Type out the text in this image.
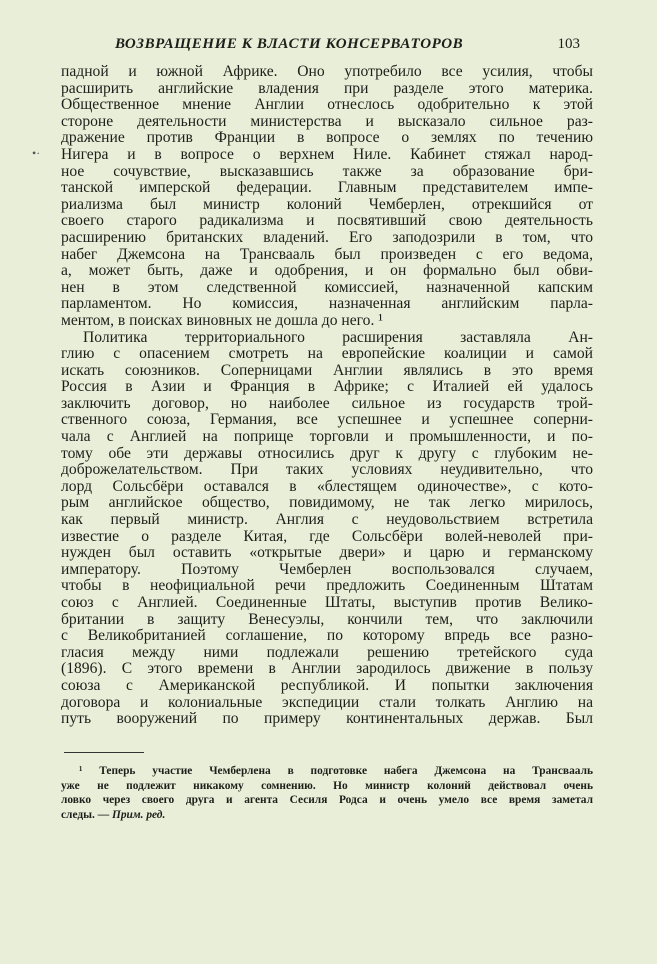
ВОЗВРАЩЕНИЕ К ВЛАСТИ КОНСЕРВАТОРОВ	103
•·
падной и южной Африке. Оно употребило все усилия, чтобы
расширить английские владения при разделе этого материка.
Общественное мнение Англии отнеслось одобрительно к этой
стороне деятельности министерства и высказало сильное раз-
дражение против Франции в вопросе о землях по течению
Нигера и в вопросе о верхнем Ниле. Кабинет стяжал народ-
ное сочувствие, высказавшись также за образование бри-
танской имперской федерации. Главным представителем импе-
риализма был министр колоний Чемберлен, отрекшийся от
своего старого радикализма и посвятивший свою деятельность
расширению британских владений. Его заподозрили в том, что
набег Джемсона на Трансвааль был произведен с его ведома,
а, может быть, даже и одобрения, и он формально был обви-
нен в этом следственной комиссией, назначенной капским
парламентом. Но комиссия, назначенная английским парла-
ментом, в поисках виновных не дошла до него. ¹
Политика территориального расширения заставляла Ан-
глию с опасением смотреть на европейские коалиции и самой
искать союзников. Соперницами Англии являлись в это время
Россия в Азии и Франция в Африке; с Италией ей удалось
заключить договор, но наиболее сильное из государств трой-
ственного союза, Германия, все успешнее и успешнее соперни-
чала с Англией на поприще торговли и промышленности, и по-
тому обе эти державы относились друг к другу с глубоким не-
доброжелательством. При таких условиях неудивительно, что
лорд Сольсбёри оставался в «блестящем одиночестве», с кото-
рым английское общество, повидимому, не так легко мирилось,
как первый министр. Англия с неудовольствием встретила
известие о разделе Китая, где Сольсбёри волей-неволей при-
нужден был оставить «открытые двери» и царю и германскому
императору. Поэтому Чемберлен воспользовался случаем,
чтобы в неофициальной речи предложить Соединенным Штатам
союз с Англией. Соединенные Штаты, выступив против Велико-
британии в защиту Венесуэлы, кончили тем, что заключили
с Великобританией соглашение, по которому впредь все разно-
гласия между ними подлежали решению третейского суда
(1896). С этого времени в Англии зародилось движение в пользу
союза с Американской республикой. И попытки заключения
договора и колониальные экспедиции стали толкать Англию на
путь вооружений по примеру континентальных держав. Был
¹ Теперь участие Чемберлена в подготовке набега Джемсона на Трансвааль
уже не подлежит никакому сомнению. Но министр колоний действовал очень
ловко через своего друга и агента Сесиля Родса и очень умело все время заметал
следы. — Прим. ред.
